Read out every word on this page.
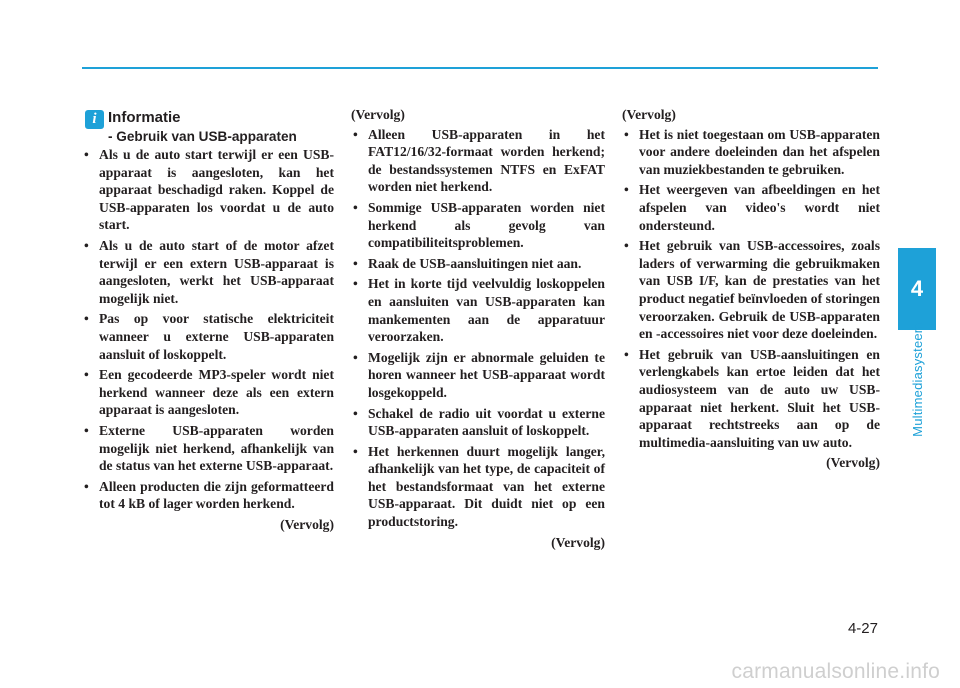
4
Multimediasysteem
i Informatie
- Gebruik van USB-apparaten
• Als u de auto start terwijl er een USB-apparaat is aangesloten, kan het apparaat beschadigd raken. Koppel de USB-apparaten los voordat u de auto start.
• Als u de auto start of de motor afzet terwijl er een extern USB-apparaat is aangesloten, werkt het USB-apparaat mogelijk niet.
• Pas op voor statische elektriciteit wanneer u externe USB-apparaten aansluit of loskoppelt.
• Een gecodeerde MP3-speler wordt niet herkend wanneer deze als een extern apparaat is aangesloten.
• Externe USB-apparaten worden mogelijk niet herkend, afhankelijk van de status van het externe USB-apparaat.
• Alleen producten die zijn geformatteerd tot 4 kB of lager worden herkend.
(Vervolg)
(Vervolg)
• Alleen USB-apparaten in het FAT12/16/32-formaat worden herkend; de bestandssystemen NTFS en ExFAT worden niet herkend.
• Sommige USB-apparaten worden niet herkend als gevolg van compatibiliteitsproblemen.
• Raak de USB-aansluitingen niet aan.
• Het in korte tijd veelvuldig loskoppelen en aansluiten van USB-apparaten kan mankementen aan de apparatuur veroorzaken.
• Mogelijk zijn er abnormale geluiden te horen wanneer het USB-apparaat wordt losgekoppeld.
• Schakel de radio uit voordat u externe USB-apparaten aansluit of loskoppelt.
• Het herkennen duurt mogelijk langer, afhankelijk van het type, de capaciteit of het bestandsformaat van het externe USB-apparaat. Dit duidt niet op een productstoring.
(Vervolg)
(Vervolg)
• Het is niet toegestaan om USB-apparaten voor andere doeleinden dan het afspelen van muziekbestanden te gebruiken.
• Het weergeven van afbeeldingen en het afspelen van video's wordt niet ondersteund.
• Het gebruik van USB-accessoires, zoals laders of verwarming die gebruikmaken van USB I/F, kan de prestaties van het product negatief beïnvloeden of storingen veroorzaken. Gebruik de USB-apparaten en -accessoires niet voor deze doeleinden.
• Het gebruik van USB-aansluitingen en verlengkabels kan ertoe leiden dat het audiosysteem van de auto uw USB-apparaat niet herkent. Sluit het USB-apparaat rechtstreeks aan op de multimedia-aansluiting van uw auto.
(Vervolg)
4-27
carmanualsonline.info
